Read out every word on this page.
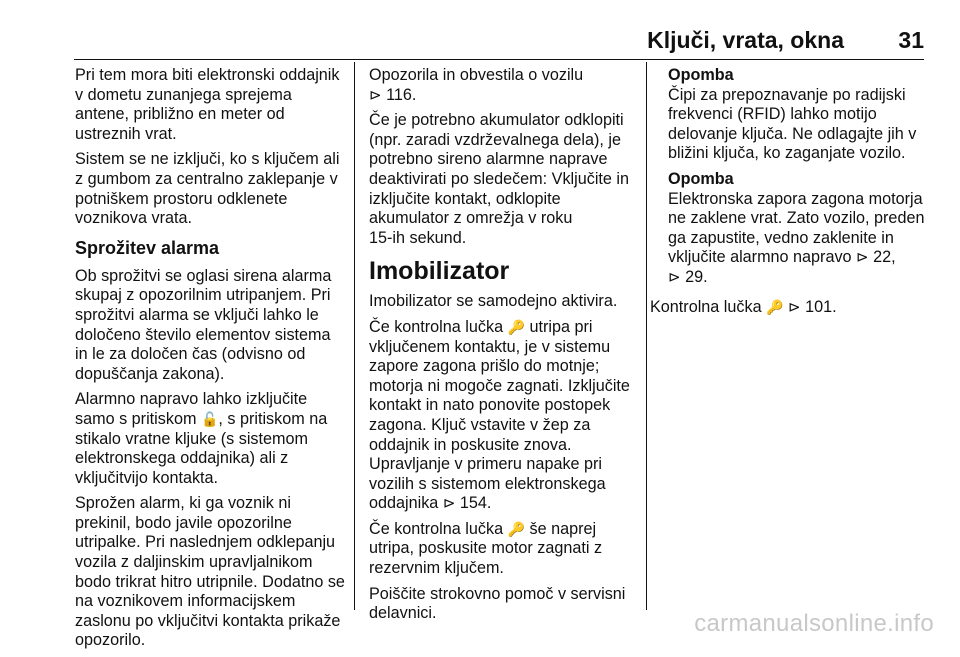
Ključi, vrata, okna 31

Pri tem mora biti elektronski oddajnik
v dometu zunanjega sprejema
antene, približno en meter od
ustreznih vrat.

Sistem se ne izključi, ko s ključem ali
z gumbom za centralno zaklepanje v
potniškem prostoru odklenete
voznikova vrata.

Sprožitev alarma

Ob sprožitvi se oglasi sirena alarma
skupaj z opozorilnim utripanjem. Pri
sprožitvi alarma se vključi lahko le
določeno število elementov sistema
in le za določen čas (odvisno od
dopuščanja zakona).

Alarmno napravo lahko izključite
samo s pritiskom 🔓, s pritiskom na
stikalo vratne kljuke (s sistemom
elektronskega oddajnika) ali z
vključitvijo kontakta.

Sprožen alarm, ki ga voznik ni
prekinil, bodo javile opozorilne
utripalke. Pri naslednjem odklepanju
vozila z daljinskim upravljalnikom
bodo trikrat hitro utripnile. Dodatno se
na voznikovem informacijskem
zaslonu po vključitvi kontakta prikaže
opozorilo.

Opozorila in obvestila o vozilu
⊳ 116.

Če je potrebno akumulator odklopiti
(npr. zaradi vzdrževalnega dela), je
potrebno sireno alarmne naprave
deaktivirati po sledečem: Vključite in
izključite kontakt, odklopite
akumulator z omrežja v roku
15-ih sekund.

Imobilizator

Imobilizator se samodejno aktivira.

Če kontrolna lučka 🔑 utripa pri
vključenem kontaktu, je v sistemu
zapore zagona prišlo do motnje;
motorja ni mogoče zagnati. Izključite
kontakt in nato ponovite postopek
zagona. Ključ vstavite v žep za
oddajnik in poskusite znova.
Upravljanje v primeru napake pri
vozilih s sistemom elektronskega
oddajnika ⊳ 154.

Če kontrolna lučka 🔑 še naprej
utripa, poskusite motor zagnati z
rezervnim ključem.

Poiščite strokovno pomoč v servisni
delavnici.

Opomba
Čipi za prepoznavanje po radijski
frekvenci (RFID) lahko motijo
delovanje ključa. Ne odlagajte jih v
bližini ključa, ko zaganjate vozilo.

Opomba
Elektronska zapora zagona motorja
ne zaklene vrat. Zato vozilo, preden
ga zapustite, vedno zaklenite in
vključite alarmno napravo ⊳ 22,
⊳ 29.

Kontrolna lučka 🔑 ⊳ 101.

carmanualsonline.info
